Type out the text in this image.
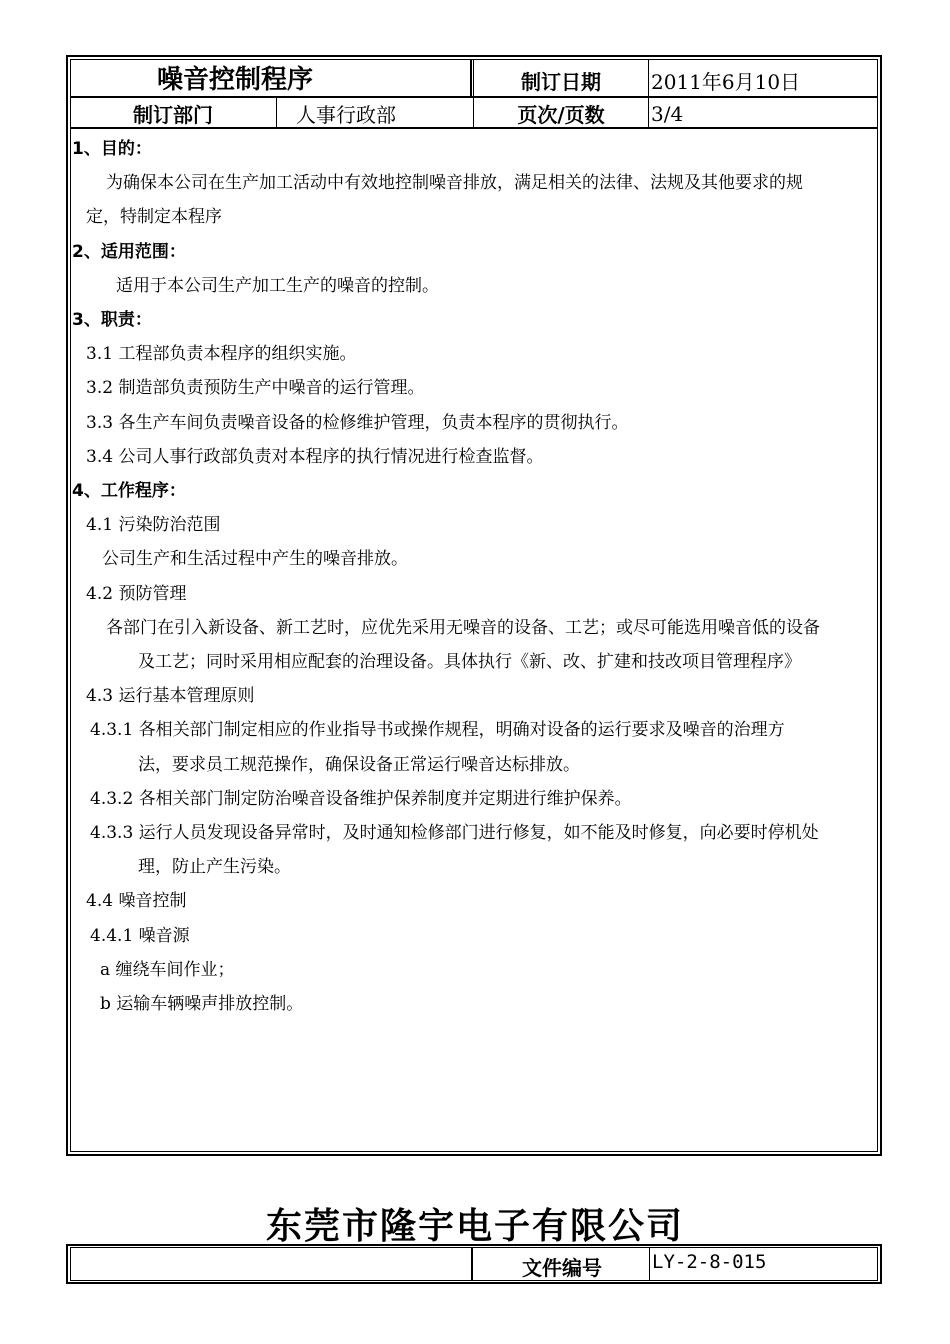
噪音控制程序	制订日期	2011年6月10日
制订部门	人事行政部	页次/页数	3/4
1、目的：
为确保本公司在生产加工活动中有效地控制噪音排放，满足相关的法律、法规及其他要求的规
定，特制定本程序
2、适用范围：
适用于本公司生产加工生产的噪音的控制。
3、职责：
3.1 工程部负责本程序的组织实施。
3.2 制造部负责预防生产中噪音的运行管理。
3.3 各生产车间负责噪音设备的检修维护管理，负责本程序的贯彻执行。
3.4 公司人事行政部负责对本程序的执行情况进行检查监督。
4、工作程序：
4.1 污染防治范围
公司生产和生活过程中产生的噪音排放。
4.2 预防管理
各部门在引入新设备、新工艺时，应优先采用无噪音的设备、工艺；或尽可能选用噪音低的设备
及工艺；同时采用相应配套的治理设备。具体执行《新、改、扩建和技改项目管理程序》
4.3 运行基本管理原则
4.3.1 各相关部门制定相应的作业指导书或操作规程，明确对设备的运行要求及噪音的治理方
法，要求员工规范操作，确保设备正常运行噪音达标排放。
4.3.2 各相关部门制定防治噪音设备维护保养制度并定期进行维护保养。
4.3.3 运行人员发现设备异常时，及时通知检修部门进行修复，如不能及时修复，向必要时停机处
理，防止产生污染。
4.4 噪音控制
4.4.1 噪音源
a 缠绕车间作业；
b 运输车辆噪声排放控制。
东莞市隆宇电子有限公司
文件编号	LY-2-8-015
